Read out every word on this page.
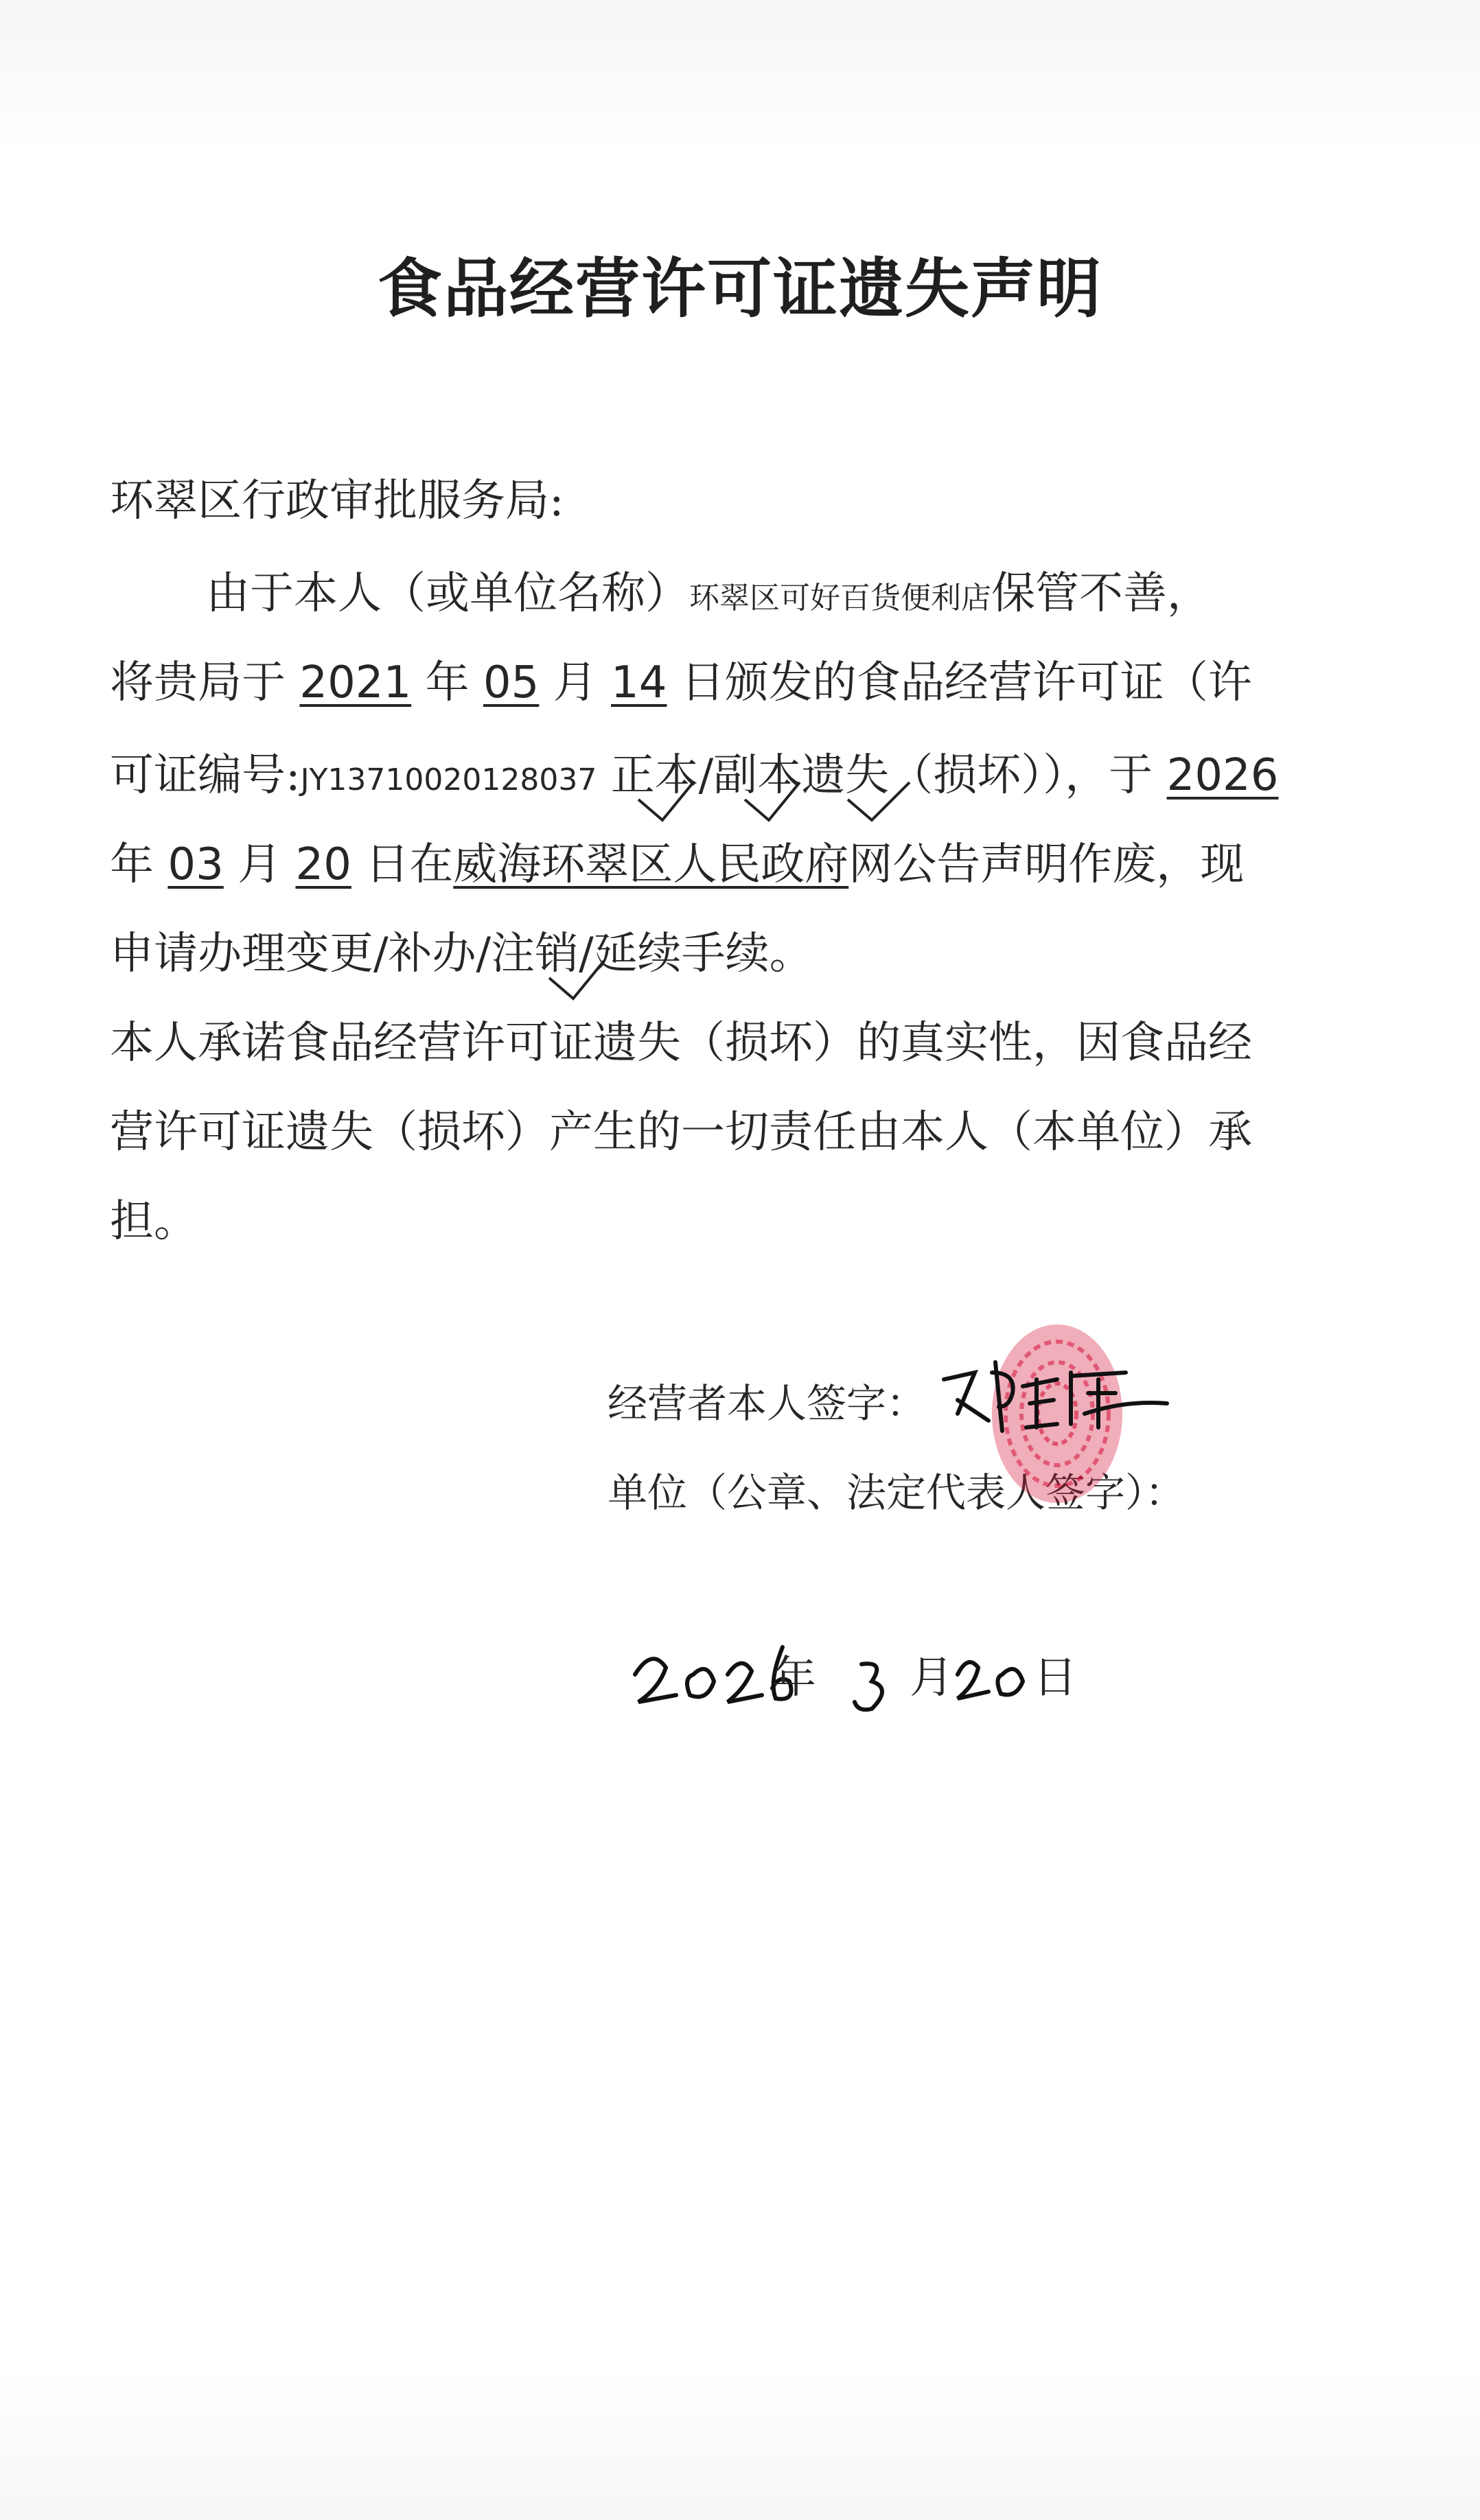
食品经营许可证遗失声明
环翠区行政审批服务局:
由于本人（或单位名称）环翠区可好百货便利店保管不善，
将贵局于 2021 年 05 月 14 日颁发的食品经营许可证（许
可证编号:JY13710020128037 正本/副本遗失（损坏）），于 2026
年 03 月 20 日在威海环翠区人民政府网公告声明作废，现
申请办理变更/补办/注销/延续手续。
本人承诺食品经营许可证遗失（损坏）的真实性，因食品经
营许可证遗失（损坏）产生的一切责任由本人（本单位）承
担。
经营者本人签字：
单位（公章、法定代表人签字）：
年 月 日
